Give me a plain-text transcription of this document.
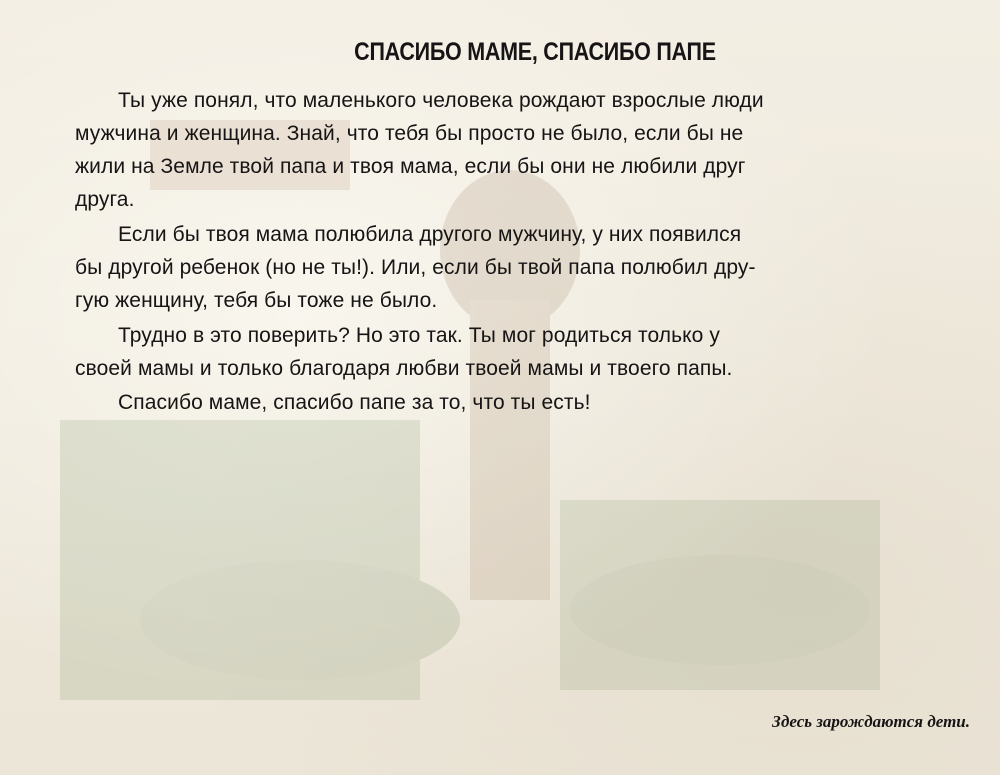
СПАСИБО МАМЕ, СПАСИБО ПАПЕ
Ты уже понял, что маленького человека рождают взрослые люди
мужчина и женщина. Знай, что тебя бы просто не было, если бы не
жили на Земле твой папа и твоя мама, если бы они не любили друг
друга.
Если бы твоя мама полюбила другого мужчину, у них появился
бы другой ребенок (но не ты!). Или, если бы твой папа полюбил дру-
гую женщину, тебя бы тоже не было.
Трудно в это поверить? Но это так. Ты мог родиться только у
своей мамы и только благодаря любви твоей мамы и твоего папы.
Спасибо маме, спасибо папе за то, что ты есть!
Здесь зарождаются дети.
